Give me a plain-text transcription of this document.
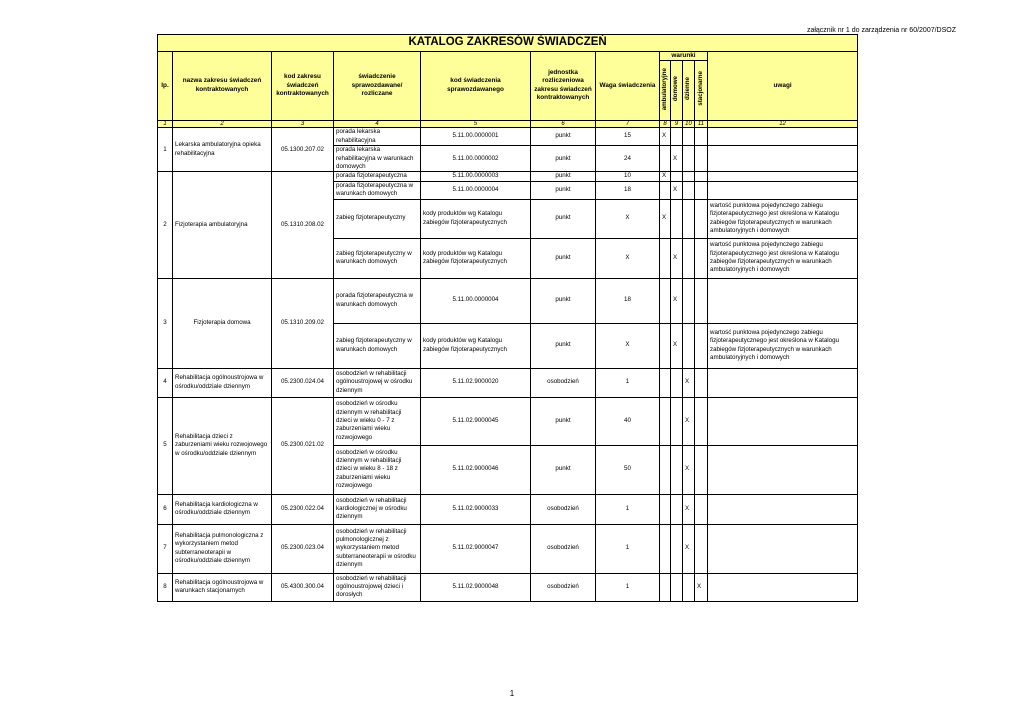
załącznik nr 1 do zarządzenia nr 60/2007/DSOZ
KATALOG ZAKRESÓW ŚWIADCZEŃ											
lp.	nazwa zakresu świadczeń kontraktowanych	kod zakresu świadczeń kontraktowanych	świadczenie sprawozdawane/ rozliczane	kod świadczenia sprawozdawanego	jednostka rozliczeniowa zakresu świadczeń kontraktowanych	Waga świadczenia	warunki				uwagi
							ambulatoryjne	domowe	dzienne	stacjonarne	
1	2	3	4	5	6	7	8	9	10	11	12
1	Lekarska ambulatoryjna opieka rehabilitacyjna	05.1300.207.02	porada lekarska rehabilitacyjna	5.11.00.0000001	punkt	15	X				
			porada lekarska rehabilitacyjna w warunkach domowych	5.11.00.0000002	punkt	24		X			
2	Fizjoterapia ambulatoryjna	05.1310.208.02	porada fizjoterapeutyczna	5.11.00.0000003	punkt	10	X				
			porada fizjoterapeutyczna w warunkach domowych	5.11.00.0000004	punkt	18		X			
			zabieg fizjoterapeutyczny	kody produktów wg Katalogu zabiegów fizjoterapeutycznych	punkt	X	X				wartość punktowa pojedynczego zabiegu fizjoterapeutycznego jest określona w Katalogu zabiegów fizjoterapeutycznych w warunkach ambulatoryjnych i domowych
			zabieg fizjoterapeutyczny w warunkach domowych	kody produktów wg Katalogu zabiegów fizjoterapeutycznych	punkt	X		X			wartość punktowa pojedynczego zabiegu fizjoterapeutycznego jest określona w Katalogu zabiegów fizjoterapeutycznych w warunkach ambulatoryjnych i domowych
3	Fizjoterapia domowa	05.1310.209.02	porada fizjoterapeutyczna w warunkach domowych	5.11.00.0000004	punkt	18		X			
			zabieg fizjoterapeutyczny w warunkach domowych	kody produktów wg Katalogu zabiegów fizjoterapeutycznych	punkt	X		X			wartość punktowa pojedynczego zabiegu fizjoterapeutycznego jest określona w Katalogu zabiegów fizjoterapeutycznych w warunkach ambulatoryjnych i domowych
4	Rehabilitacja ogólnoustrojowa w ośrodku/oddziale dziennym	05.2300.024.04	osobodzień w rehabilitacji ogólnoustrojowej w ośrodku dziennym	5.11.02.9000020	osobodzień	1			X		
5	Rehabilitacja dzieci z zaburzeniami wieku rozwojowego w ośrodku/oddziale dziennym	05.2300.021.02	osobodzień w ośrodku dziennym w rehabilitacji dzieci w wieku 0 - 7 z zaburzeniami wieku rozwojowego	5.11.02.9000045	punkt	40			X		
			osobodzień w ośrodku dziennym w rehabilitacji dzieci w wieku 8 - 18 z zaburzeniami wieku rozwojowego	5.11.02.9000046	punkt	50			X		
6	Rehabilitacja kardiologiczna w ośrodku/oddziale dziennym	05.2300.022.04	osobodzień w rehabilitacji kardiologicznej w ośrodku dziennym	5.11.02.9000033	osobodzień	1			X		
7	Rehabilitacja pulmonologiczna z wykorzystaniem metod subterraneoterapii w ośrodku/oddziale dziennym	05.2300.023.04	osobodzień w rehabilitacji pulmonologicznej z wykorzystaniem metod subterraneoterapii w ośrodku dziennym	5.11.02.9000047	osobodzień	1			X		
8	Rehabilitacja ogólnoustrojowa w warunkach stacjonarnych	05.4300.300.04	osobodzień w rehabilitacji ogólnoustrojowej dzieci i dorosłych	5.11.02.9000048	osobodzień	1				X	
1
